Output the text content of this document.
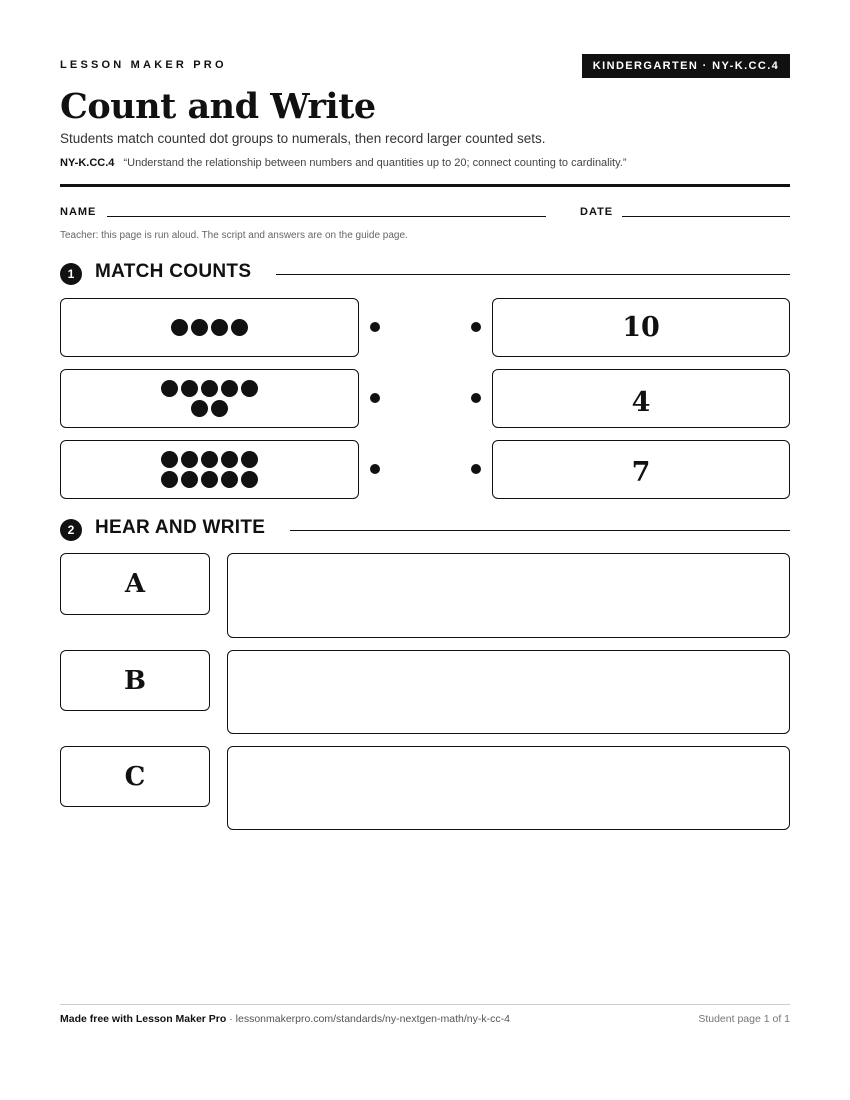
LESSON MAKER PRO	KINDERGARTEN · NY-K.CC.4
Count and Write
Students match counted dot groups to numerals, then record larger counted sets.
NY-K.CC.4 “Understand the relationship between numbers and quantities up to 20; connect counting to cardinality.”
NAME	DATE
Teacher: this page is run aloud. The script and answers are on the guide page.
1	MATCH COUNTS
10
4
7
2	HEAR AND WRITE
A
B
C
Made free with Lesson Maker Pro · lessonmakerpro.com/standards/ny-nextgen-math/ny-k-cc-4	Student page 1 of 1
